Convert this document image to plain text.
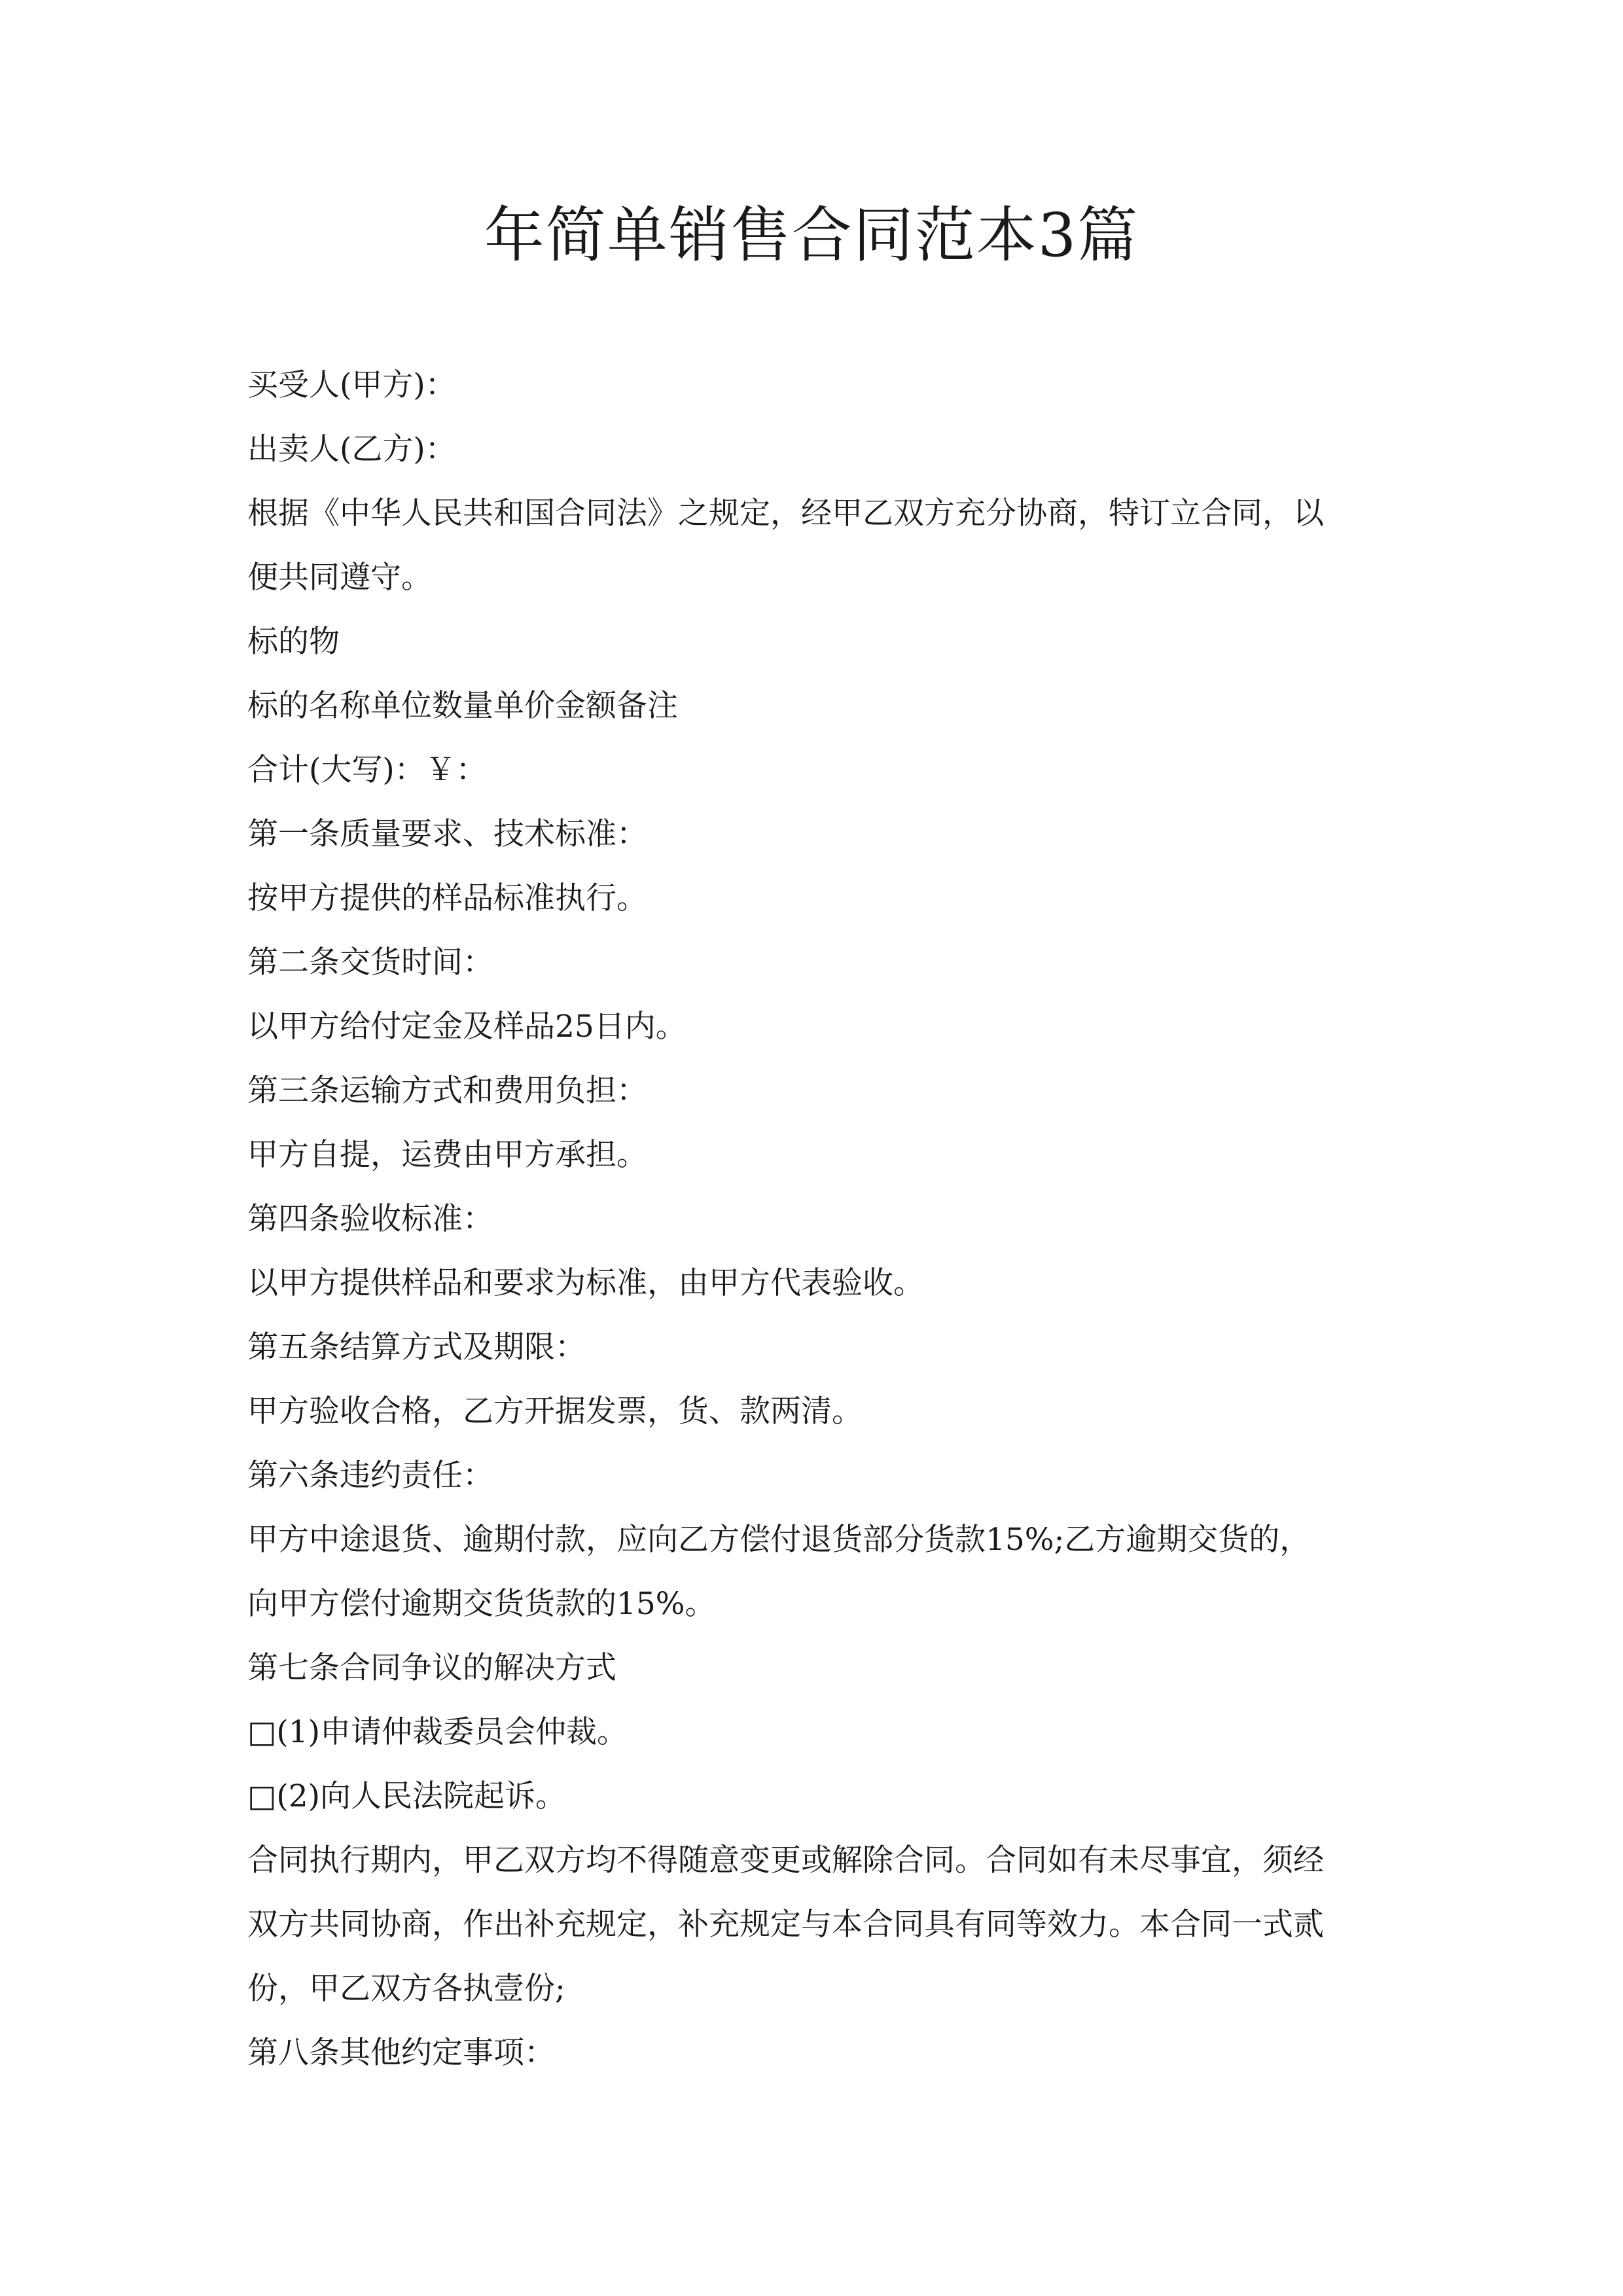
年简单销售合同范本3篇
买受人(甲方)：
出卖人(乙方)：
根据《中华人民共和国合同法》之规定，经甲乙双方充分协商，特订立合同，以
便共同遵守。
标的物
标的名称单位数量单价金额备注
合计(大写)：￥：
第一条质量要求、技术标准：
按甲方提供的样品标准执行。
第二条交货时间：
以甲方给付定金及样品25日内。
第三条运输方式和费用负担：
甲方自提，运费由甲方承担。
第四条验收标准：
以甲方提供样品和要求为标准，由甲方代表验收。
第五条结算方式及期限：
甲方验收合格，乙方开据发票，货、款两清。
第六条违约责任：
甲方中途退货、逾期付款，应向乙方偿付退货部分货款15%;乙方逾期交货的，
向甲方偿付逾期交货货款的15%。
第七条合同争议的解决方式
□(1)申请仲裁委员会仲裁。
□(2)向人民法院起诉。
合同执行期内，甲乙双方均不得随意变更或解除合同。合同如有未尽事宜，须经
双方共同协商，作出补充规定，补充规定与本合同具有同等效力。本合同一式贰
份，甲乙双方各执壹份;
第八条其他约定事项：
